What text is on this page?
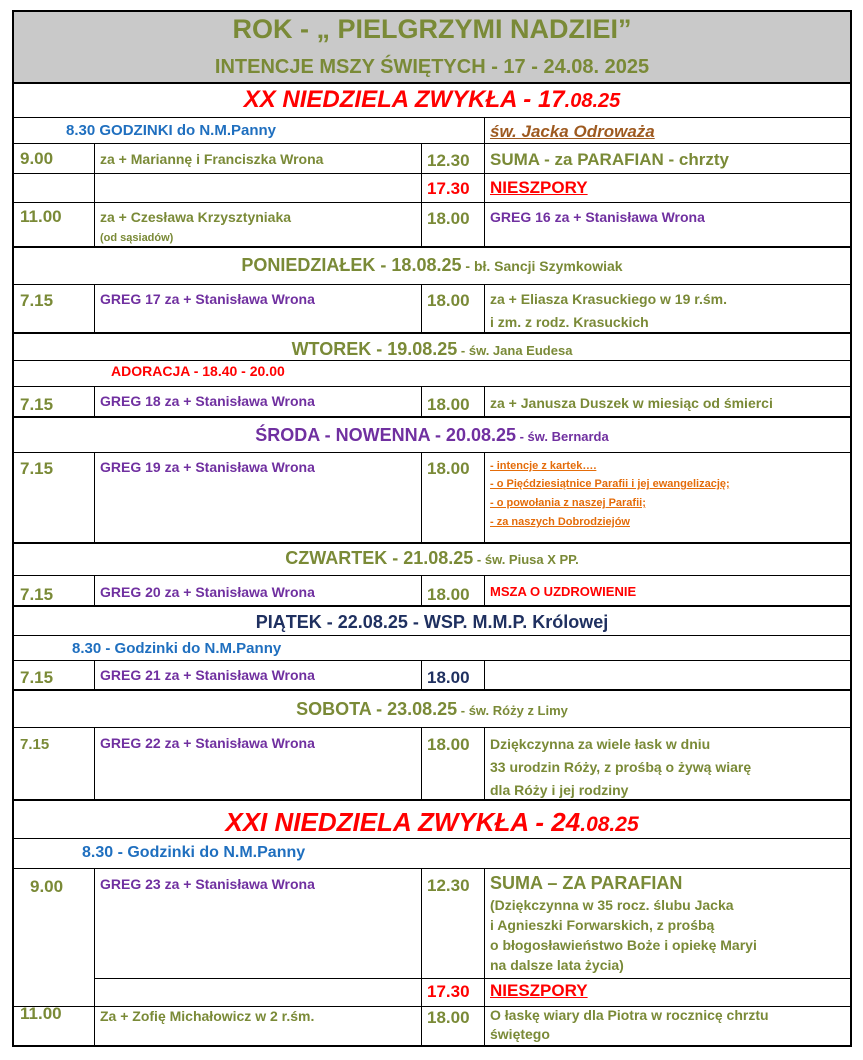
ROK - „ PIELGRZYMI NADZIEI”
INTENCJE MSZY ŚWIĘTYCH - 17 - 24.08. 2025
XX NIEDZIELA ZWYKŁA - 17.08.25
8.30 GODZINKI do N.M.Panny	św. Jacka Odroważa
9.00	za + Mariannę i Franciszka Wrona	12.30 SUMA - za PARAFIAN - chrzty
17.30 NIESZPORY
11.00	za + Czesława Krzysztyniaka
(od sąsiadów)
18.00 GREG 16 za + Stanisława Wrona
PONIEDZIAŁEK - 18.08.25 - bł. Sancji Szymkowiak
7.15	GREG 17 za + Stanisława Wrona	18.00 za + Eliasza Krasuckiego w 19 r.śm.
i zm. z rodz. Krasuckich
WTOREK - 19.08.25 - św. Jana Eudesa
ADORACJA - 18.40 - 20.00
7.15	GREG 18 za + Stanisława Wrona	18.00 za + Janusza Duszek w miesiąc od śmierci
ŚRODA - NOWENNA - 20.08.25 - św. Bernarda
7.15	GREG 19 za + Stanisława Wrona	18.00 - intencje z kartek….
- o Pięćdziesiątnice Parafii i jej ewangelizację;
- o powołania z naszej Parafii;
- za naszych Dobrodziejów
CZWARTEK - 21.08.25 - św. Piusa X PP.
7.15	GREG 20 za + Stanisława Wrona	18.00 MSZA O UZDROWIENIE
PIĄTEK - 22.08.25 - WSP. M.M.P. Królowej
8.30 - Godzinki do N.M.Panny
7.15	GREG 21 za + Stanisława Wrona	18.00
SOBOTA - 23.08.25 - św. Róży z Limy
7.15	GREG 22 za + Stanisława Wrona	18.00 Dziękczynna za wiele łask w dniu
33 urodzin Róży, z prośbą o żywą wiarę
dla Róży i jej rodziny
XXI NIEDZIELA ZWYKŁA - 24.08.25
8.30 - Godzinki do N.M.Panny
9.00	GREG 23 za + Stanisława Wrona	12.30 SUMA – ZA PARAFIAN
(Dziękczynna w 35 rocz. ślubu Jacka
i Agnieszki Forwarskich, z prośbą
o błogosławieństwo Boże i opiekę Maryi
na dalsze lata życia)
17.30 NIESZPORY
11.00	Za + Zofię Michałowicz w 2 r.śm.	18.00 O łaskę wiary dla Piotra w rocznicę chrztu
świętego
